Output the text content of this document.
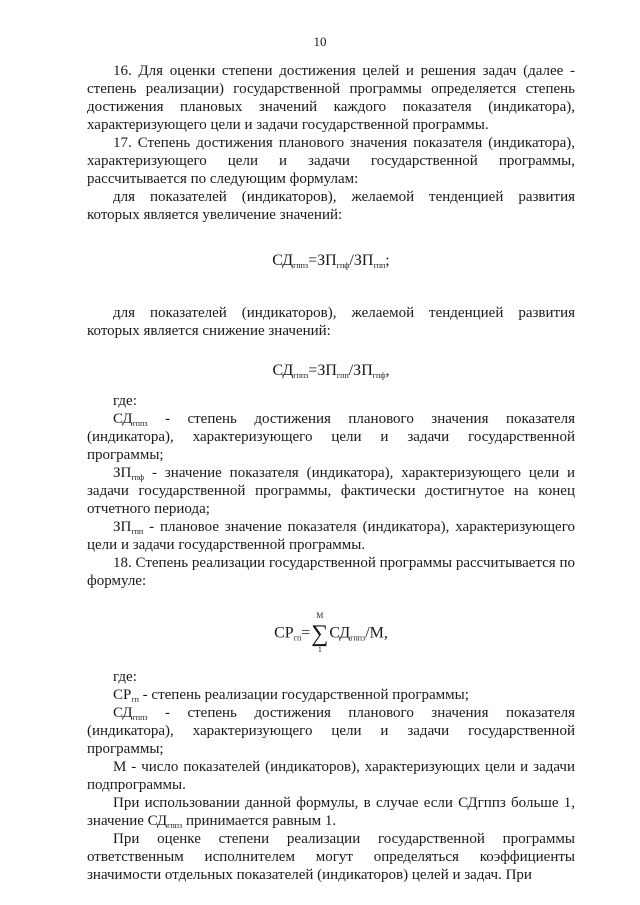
10

16. Для оценки степени достижения целей и решения задач (далее - степень реализации) государственной программы определяется степень достижения плановых значений каждого показателя (индикатора), характеризующего цели и задачи государственной программы.

17. Степень достижения планового значения показателя (индикатора), характеризующего цели и задачи государственной программы, рассчитывается по следующим формулам:

для показателей (индикаторов), желаемой тенденцией развития которых является увеличение значений:

$СД_{гппз}=ЗП_{гпф}/ЗП_{гпп}$;

для показателей (индикаторов), желаемой тенденцией развития которых является снижение значений:

$СД_{гппз}=ЗП_{гпп}/ЗП_{гпф}$,

где:

$СД_{гппз}$ - степень достижения планового значения показателя (индикатора), характеризующего цели и задачи государственной программы;

$ЗП_{гпф}$ - значение показателя (индикатора), характеризующего цели и задачи государственной программы, фактически достигнутое на конец отчетного периода;

$ЗП_{гпп}$ - плановое значение показателя (индикатора), характеризующего цели и задачи государственной программы.

18. Степень реализации государственной программы рассчитывается по формуле:

$СР_{гп}=$
M
∑
1
$СД_{гппз}/M$,

где:

$СР_{гп}$ - степень реализации государственной программы;

$СД_{гппз}$ - степень достижения планового значения показателя (индикатора), характеризующего цели и задачи государственной программы;

М - число показателей (индикаторов), характеризующих цели и задачи подпрограммы.

При использовании данной формулы, в случае если СДгппз больше 1, значение $СД_{гппз}$ принимается равным 1.

При оценке степени реализации государственной программы ответственным исполнителем могут определяться коэффициенты значимости отдельных показателей (индикаторов) целей и задач. При
